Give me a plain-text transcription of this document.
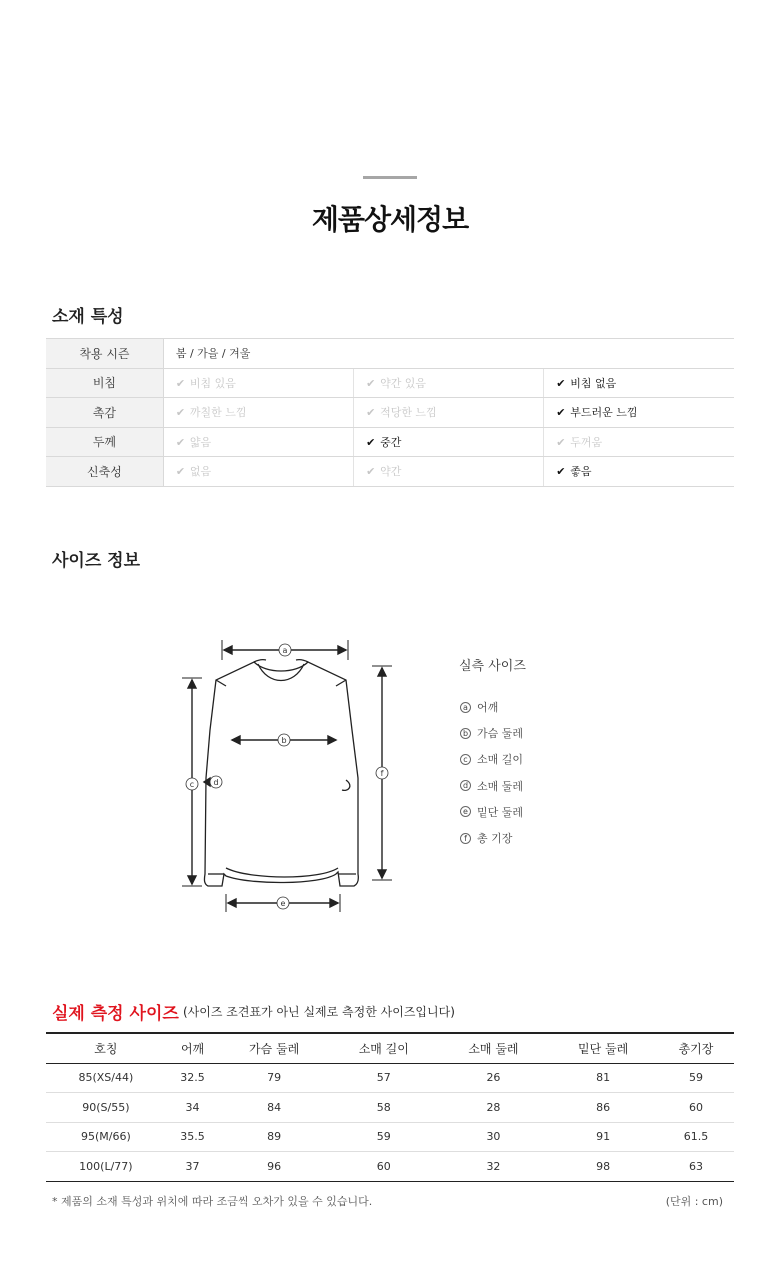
제품상세정보
소재 특성
착용 시즌	봄 / 가을 / 겨울		
비침	✔ 비침 있음	✔ 약간 있음	✔ 비침 없음
촉감	✔ 까칠한 느낌	✔ 적당한 느낌	✔ 부드러운 느낌
두께	✔ 얇음	✔ 중간	✔ 두꺼움
신축성	✔ 없음	✔ 약간	✔ 좋음
사이즈 정보
a
b
c d
e
f
실측 사이즈
a 어깨
b 가슴 둘레
c 소매 길이
d 소매 둘레
e 밑단 둘레
f 총 기장
실제 측정 사이즈 (사이즈 조견표가 아닌 실제로 측정한 사이즈입니다)
호칭	어깨	가슴 둘레	소매 길이	소매 둘레	밑단 둘레	총기장
85(XS/44)	32.5	79	57	26	81	59
90(S/55)	34	84	58	28	86	60
95(M/66)	35.5	89	59	30	91	61.5
100(L/77)	37	96	60	32	98	63
* 제품의 소재 특성과 위치에 따라 조금씩 오차가 있을 수 있습니다.	(단위 : cm)
